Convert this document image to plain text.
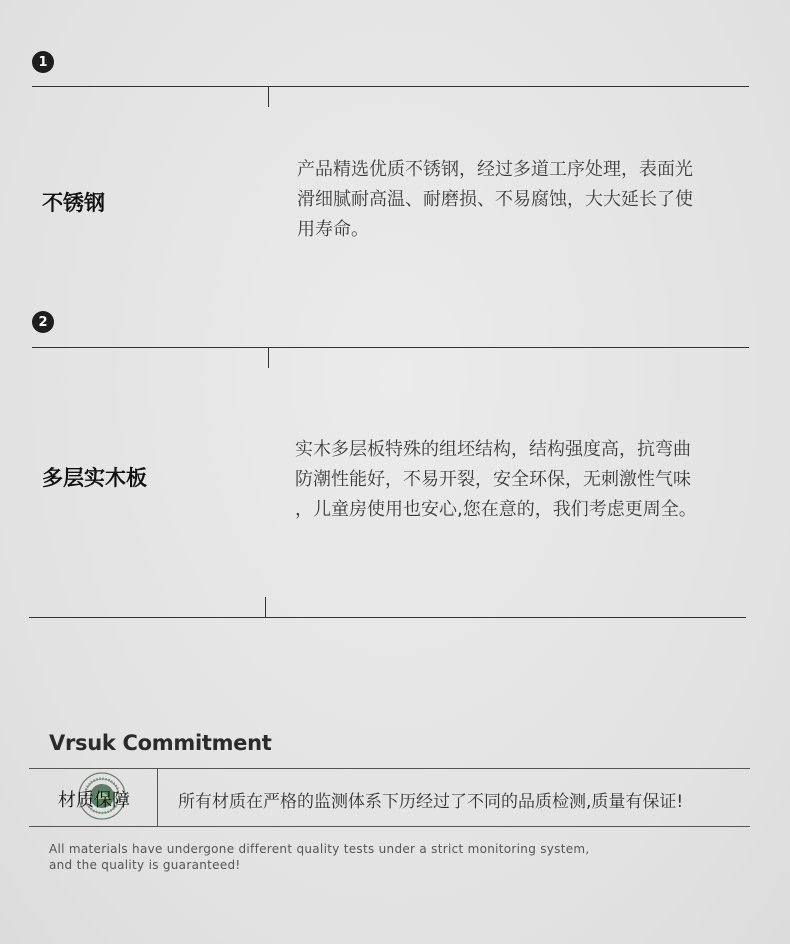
1
不锈钢
产品精选优质不锈钢，经过多道工序处理，表面光
滑细腻耐高温、耐磨损、不易腐蚀，大大延长了使
用寿命。
2
多层实木板
实木多层板特殊的组坯结构，结构强度高，抗弯曲
防潮性能好，不易开裂，安全环保，无刺激性气味
，儿童房使用也安心,您在意的，我们考虑更周全。
Vrsuk Commitment
材质保障	所有材质在严格的监测体系下历经过了不同的品质检测,质量有保证!
All materials have undergone different quality tests under a strict monitoring system,
and the quality is guaranteed!
